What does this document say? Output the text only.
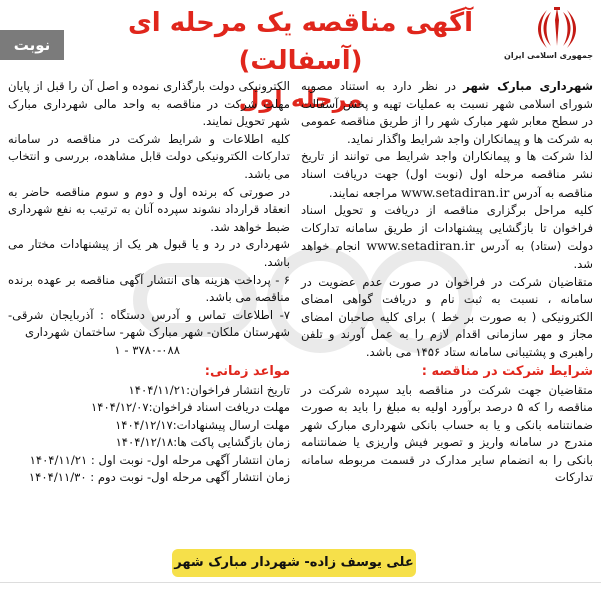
جمهوری اسلامی ایران
آگهی مناقصه یک مرحله ای (آسفالت)
مرحله اول
نوبت دوم

شهرداری مبارک شهر در نظر دارد به استناد مصوبه شورای اسلامی شهر نسبت به عملیات تهیه و پخش آسفالت در سطح معابر شهر مبارک شهر را از طریق مناقصه عمومی به شرکت ها و پیمانکاران واجد شرایط واگذار نماید.

لذا شرکت ها و پیمانکاران واجد شرایط می توانند از تاریخ نشر مناقصه مرحله اول (نوبت اول) جهت دریافت اسناد مناقصه به آدرس www.setadiran.ir مراجعه نمایند.

کلیه مراحل برگزاری مناقصه از دریافت و تحویل اسناد فراخوان تا بازگشایی پیشنهادات از طریق سامانه تدارکات دولت (ستاد) به آدرس www.setadiran.ir انجام خواهد شد.

متقاضیان شرکت در فراخوان در صورت عدم عضویت در سامانه ، نسبت به ثبت نام و دریافت گواهی امضای الکترونیکی ( به صورت بر خط ) برای کلیه صاحبان امضای مجاز و مهر سازمانی اقدام لازم را به عمل آورند و تلفن راهبری و پشتیبانی سامانه ستاد ۱۴۵۶ می باشد.

شرایط شرکت در مناقصه :

متقاضیان جهت شرکت در مناقصه باید سپرده شرکت در مناقصه را که ۵ درصد برآورد اولیه به مبلغ را باید به صورت ضمانتنامه بانکی و یا به حساب بانکی شهرداری مبارک شهر مندرج در سامانه واریز و تصویر فیش واریزی یا ضمانتنامه بانکی را به انضمام سایر مدارک در قسمت مربوطه سامانه تدارکات

الکترونیکی دولت بارگذاری نموده و اصل آن را قبل از پایان مهلت شرکت در مناقصه به واحد مالی شهرداری مبارک شهر تحویل نمایند.

کلیه اطلاعات و شرایط شرکت در مناقصه در سامانه تدارکات الکترونیکی دولت قابل مشاهده، بررسی و انتخاب می باشد.

در صورتی که برنده اول و دوم و سوم مناقصه حاضر به انعقاد قرارداد نشوند سپرده آنان به ترتیب به نفع شهرداری ضبط خواهد شد.

شهرداری در رد و یا قبول هر یک از پیشنهادات مختار می باشد.

۶ - پرداخت هزینه های انتشار آگهی مناقصه بر عهده برنده مناقصه می باشد.

۷- اطلاعات تماس و آدرس دستگاه : آذربایجان شرقی- شهرستان ملکان- شهر مبارک شهر- ساختمان شهرداری

۳۷۸۰-۰۸۸ - ۱

مواعد زمانی:
تاریخ انتشار فراخوان:۱۴۰۴/۱۱/۲۱
مهلت دریافت اسناد فراخوان:۱۴۰۴/۱۲/۰۷
مهلت ارسال پیشنهادات:۱۴۰۴/۱۲/۱۷
زمان بازگشایی پاکت ها:۱۴۰۴/۱۲/۱۸
زمان انتشار آگهی مرحله اول- نوبت اول : ۱۴۰۴/۱۱/۲۱
زمان انتشار آگهی مرحله اول- نوبت دوم : ۱۴۰۴/۱۱/۳۰
علی یوسف زاده- شهردار مبارک شهر
